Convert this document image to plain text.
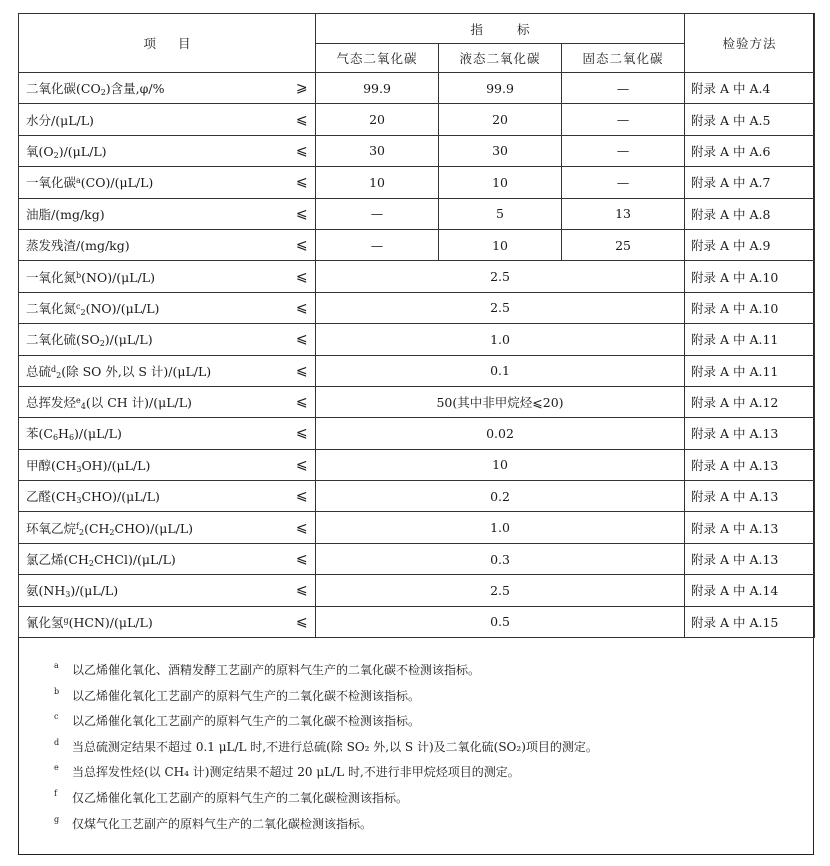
项目		指标			检验方法
		气态二氧化碳	液态二氧化碳	固态二氧化碳	
二氧化碳$(CO_2)$含量,φ/%	⩾	99.9	99.9	—	附录 A 中 A.4
水分/(μL/L)	⩽	20	20	—	附录 A 中 A.5
氧$(O_2)/(\mu L/L)$	⩽	30	30	—	附录 A 中 A.6
一氧化碳$^a$(CO)/(μL/L)	⩽	10	10	—	附录 A 中 A.7
油脂/(mg/kg)	⩽	—	5	13	附录 A 中 A.8
蒸发残渣/(mg/kg)	⩽	—	10	25	附录 A 中 A.9
一氧化氮$^b$(NO)/(μL/L)	⩽	2.5			附录 A 中 A.10
二氧化氮$^c_2$(NO)/(μL/L)	⩽	2.5			附录 A 中 A.10
二氧化硫$(SO_2)/(\mu L/L)$	⩽	1.0			附录 A 中 A.11
总硫$^d_2$(除 SO 外,以 S 计)/(μL/L)	⩽	0.1			附录 A 中 A.11
总挥发烃$^e_4$(以 CH 计)/(μL/L)	⩽	50(其中非甲烷烃⩽20)			附录 A 中 A.12
苯$(C_6H_6)/(\mu L/L)$	⩽	0.02			附录 A 中 A.13
甲醇$(CH_3OH)/(\mu L/L)$	⩽	10			附录 A 中 A.13
乙醛$(CH_3CHO)/(\mu L/L)$	⩽	0.2			附录 A 中 A.13
环氧乙烷$^f_2(CH_2CHO)/(\mu L/L)$	⩽	1.0			附录 A 中 A.13
氯乙烯$(CH_2CHCl)/(\mu L/L)$	⩽	0.3			附录 A 中 A.13
氨$(NH_3)/(\mu L/L)$	⩽	2.5			附录 A 中 A.14
氰化氢$^g$(HCN)/(μL/L)	⩽	0.5			附录 A 中 A.15
a 以乙烯催化氧化、酒精发酵工艺副产的原料气生产的二氧化碳不检测该指标。
b 以乙烯催化氧化工艺副产的原料气生产的二氧化碳不检测该指标。
c 以乙烯催化氧化工艺副产的原料气生产的二氧化碳不检测该指标。
d 当总硫测定结果不超过 0.1 μL/L 时,不进行总硫(除 SO₂ 外,以 S 计)及二氧化硫(SO₂)项目的测定。
e 当总挥发性烃(以 CH₄ 计)测定结果不超过 20 μL/L 时,不进行非甲烷烃项目的测定。
f 仅乙烯催化氧化工艺副产的原料气生产的二氧化碳检测该指标。
g 仅煤气化工艺副产的原料气生产的二氧化碳检测该指标。
